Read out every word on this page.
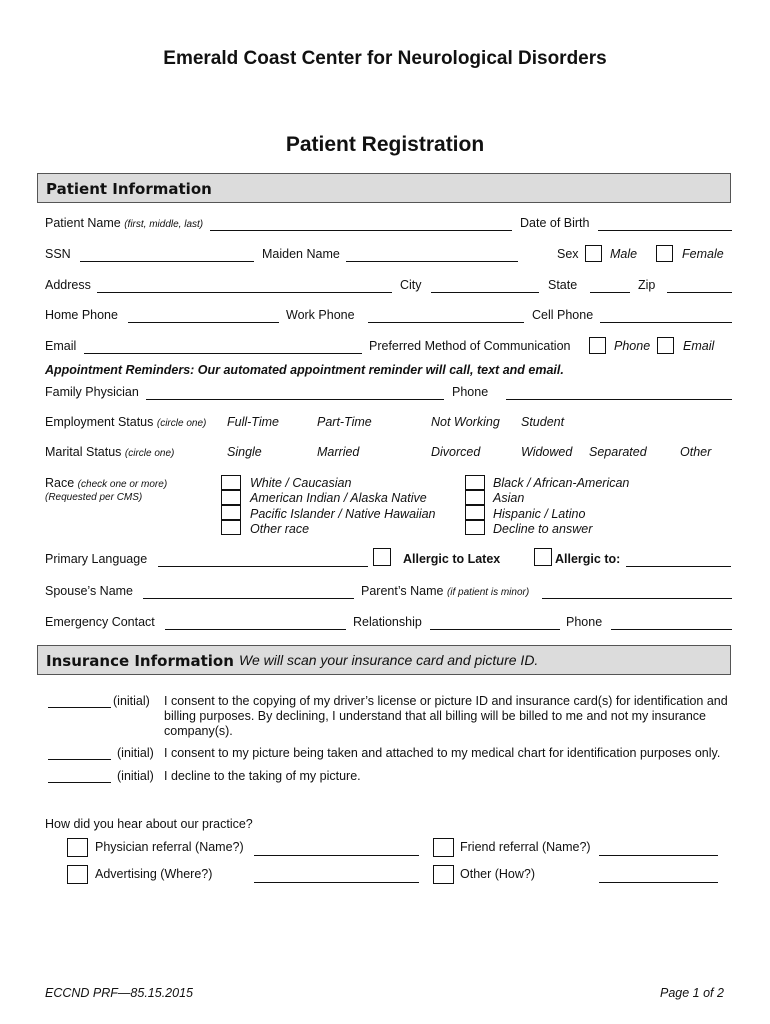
Emerald Coast Center for Neurological Disorders
Patient Registration
Patient Information
Patient Name (first, middle, last)	Date of Birth
SSN	Maiden Name	Sex	Male	Female
Address	City	State	Zip
Home Phone	Work Phone	Cell Phone
Email	Preferred Method of Communication	Phone	Email
Appointment Reminders: Our automated appointment reminder will call, text and email.
Family Physician	Phone
Employment Status (circle one) Full-Time	Part-Time	Not Working Student
Marital Status (circle one)	Single	Married	Divorced	Widowed Separated	Other
Race (check one or more)
(Requested per CMS)
White / Caucasian
American Indian / Alaska Native
Pacific Islander / Native Hawaiian
Other race
Black / African-American
Asian
Hispanic / Latino
Decline to answer
Primary Language	Allergic to Latex	Allergic to:
Spouse’s Name	Parent’s Name (if patient is minor)
Emergency Contact	Relationship	Phone
Insurance Information We will scan your insurance card and picture ID.
(initial) I consent to the copying of my driver’s license or picture ID and insurance card(s) for identification and
billing purposes. By declining, I understand that all billing will be billed to me and not my insurance
company(s).
(initial) I consent to my picture being taken and attached to my medical chart for identification purposes only.
(initial) I decline to the taking of my picture.
How did you hear about our practice?
Physician referral (Name?)	Friend referral (Name?)
Advertising (Where?)	Other (How?)
ECCND PRF—85.15.2015	Page 1 of 2
